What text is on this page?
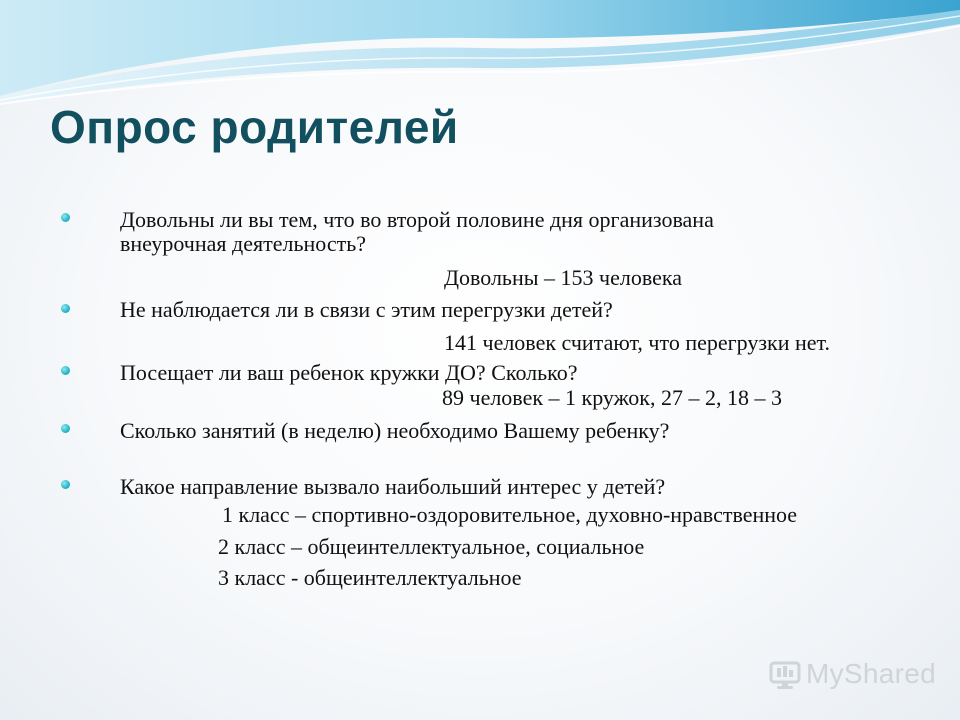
Опрос родителей
Довольны ли вы тем, что во второй половине дня организована
внеурочная деятельность?
Довольны – 153 человека
Не наблюдается ли в связи с этим перегрузки детей?
141 человек считают, что перегрузки нет.
Посещает ли ваш ребенок кружки ДО? Сколько?
89 человек – 1 кружок, 27 – 2, 18 – 3
Сколько занятий (в неделю) необходимо Вашему ребенку?
Какое направление вызвало наибольший интерес у детей?
1 класс – спортивно-оздоровительное, духовно-нравственное
2 класс – общеинтеллектуальное, социальное
3 класс - общеинтеллектуальное
MyShared
